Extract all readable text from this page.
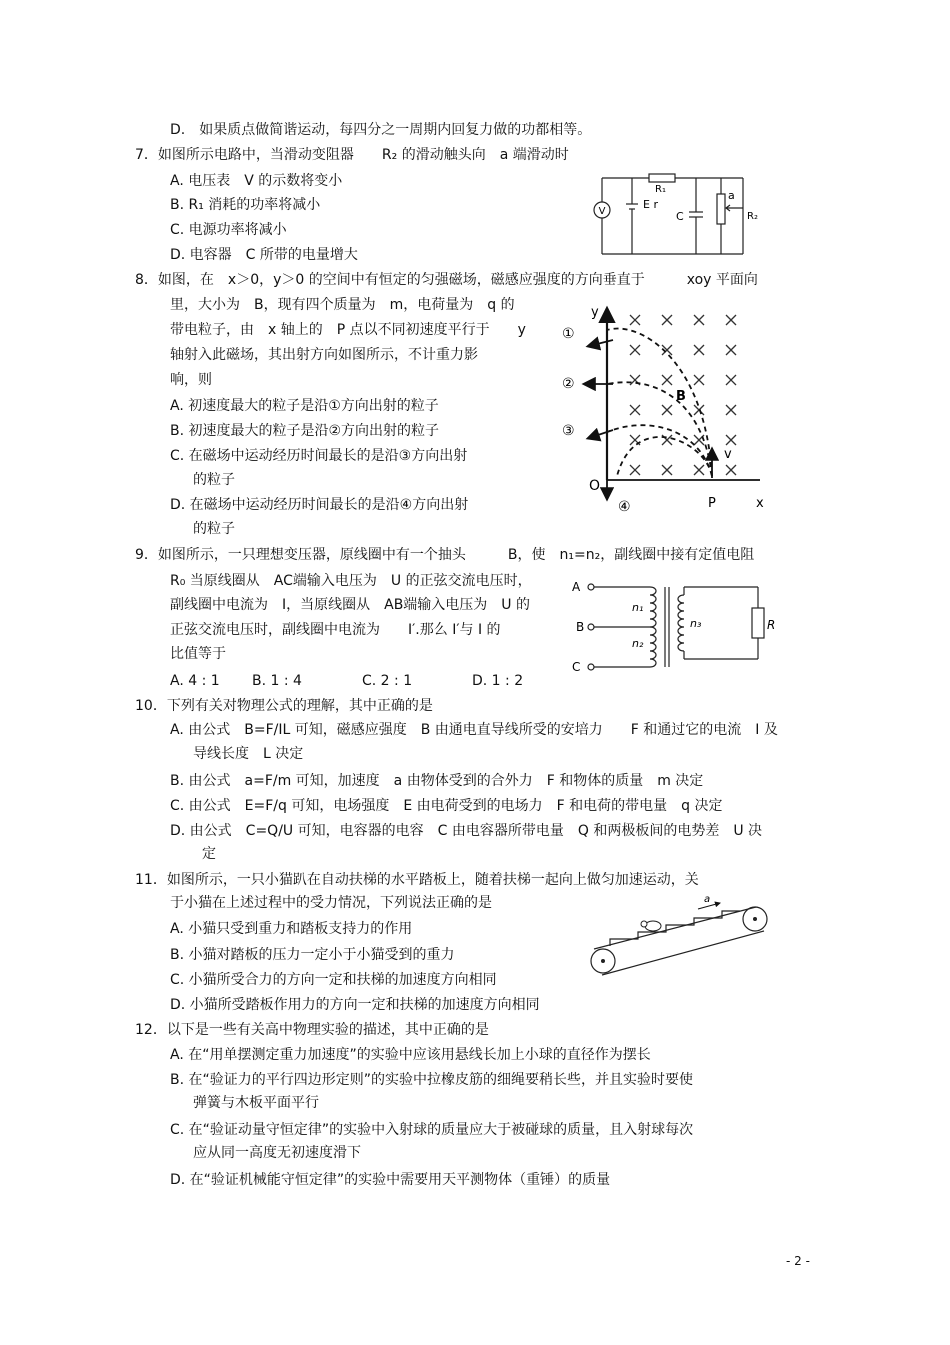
D.　如果质点做简谐运动，每四分之一周期内回复力做的功都相等。
7．如图所示电路中，当滑动变阻器　　R₂ 的滑动触头向　a 端滑动时
A. 电压表　V 的示数将变小
B. R₁ 消耗的功率将减小
C. 电源功率将减小
D. 电容器　C 所带的电量增大
V
E r
R₁
C
a
R₂
8．如图，在　x＞0，y＞0 的空间中有恒定的匀强磁场，磁感应强度的方向垂直于　　　xoy 平面向
里，大小为　B，现有四个质量为　m，电荷量为　q 的
带电粒子，由　x 轴上的　P 点以不同初速度平行于　　y
轴射入此磁场，其出射方向如图所示，不计重力影
响，则
A. 初速度最大的粒子是沿①方向出射的粒子
B. 初速度最大的粒子是沿②方向出射的粒子
C. 在磁场中运动经历时间最长的是沿③方向出射
的粒子
D. 在磁场中运动经历时间最长的是沿④方向出射
的粒子
y
x
O
P
B
v
①
②
③
④
9．如图所示，一只理想变压器，原线圈中有一个抽头　　　B，使　n₁=n₂，副线圈中接有定值电阻
R₀ 当原线圈从　AC端输入电压为　U 的正弦交流电压时，
副线圈中电流为　I，当原线圈从　AB端输入电压为　U 的
正弦交流电压时，副线圈中电流为　　I′.那么 I′与 I 的
比值等于
A. 4 : 1 B. 1 : 4	C. 2 : 1	D. 1 : 2
A
B
C
n₁
n₂
n₃	R
10．下列有关对物理公式的理解，其中正确的是
A. 由公式　B=F/IL 可知，磁感应强度　B 由通电直导线所受的安培力　　F 和通过它的电流　I 及
导线长度　L 决定
B. 由公式　a=F/m 可知，加速度　a 由物体受到的合外力　F 和物体的质量　m 决定
C. 由公式　E=F/q 可知，电场强度　E 由电荷受到的电场力　F 和电荷的带电量　q 决定
D. 由公式　C=Q/U 可知，电容器的电容　C 由电容器所带电量　Q 和两极板间的电势差　U 决
定
11．如图所示，一只小猫趴在自动扶梯的水平踏板上，随着扶梯一起向上做匀加速运动，关
于小猫在上述过程中的受力情况，下列说法正确的是
A. 小猫只受到重力和踏板支持力的作用
B. 小猫对踏板的压力一定小于小猫受到的重力
C. 小猫所受合力的方向一定和扶梯的加速度方向相同
D. 小猫所受踏板作用力的方向一定和扶梯的加速度方向相同
a
12．以下是一些有关高中物理实验的描述，其中正确的是
A. 在“用单摆测定重力加速度”的实验中应该用悬线长加上小球的直径作为摆长
B. 在“验证力的平行四边形定则”的实验中拉橡皮筋的细绳要稍长些，并且实验时要使
弹簧与木板平面平行
C. 在“验证动量守恒定律”的实验中入射球的质量应大于被碰球的质量，且入射球每次
应从同一高度无初速度滑下
D. 在“验证机械能守恒定律”的实验中需要用天平测物体（重锤）的质量
- 2 -
